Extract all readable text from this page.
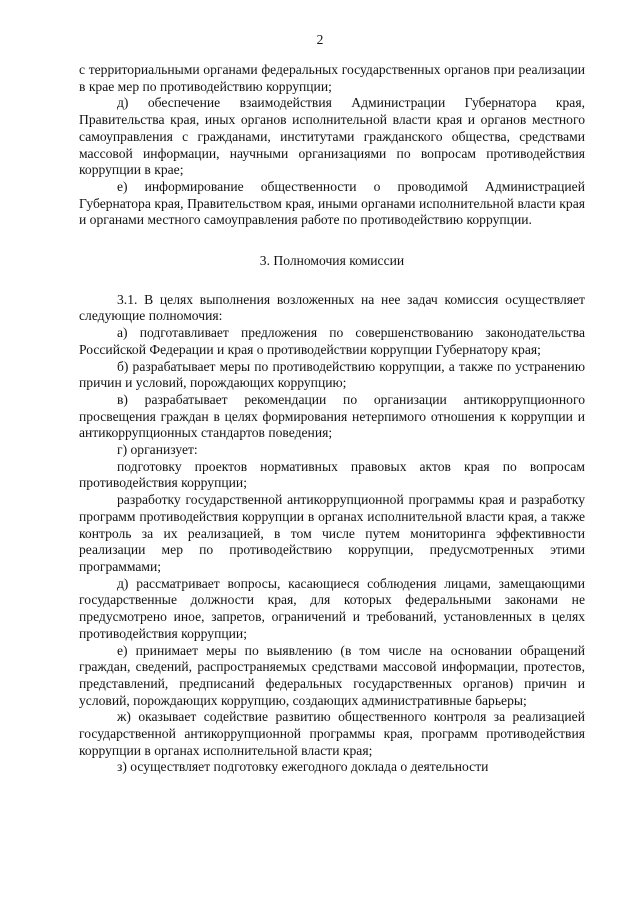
2

с территориальными органами федеральных государственных органов при реализации в крае мер по противодействию коррупции;

д) обеспечение взаимодействия Администрации Губернатора края, Правительства края, иных органов исполнительной власти края и органов местного самоуправления с гражданами, институтами гражданского общества, средствами массовой информации, научными организациями по вопросам противодействия коррупции в крае;

е) информирование общественности о проводимой Администрацией Губернатора края, Правительством края, иными органами исполнительной власти края и органами местного самоуправления работе по противодействию коррупции.

3. Полномочия комиссии

3.1. В целях выполнения возложенных на нее задач комиссия осуществляет следующие полномочия:

а) подготавливает предложения по совершенствованию законодательства Российской Федерации и края о противодействии коррупции Губернатору края;

б) разрабатывает меры по противодействию коррупции, а также по устранению причин и условий, порождающих коррупцию;

в) разрабатывает рекомендации по организации антикоррупционного просвещения граждан в целях формирования нетерпимого отношения к коррупции и антикоррупционных стандартов поведения;

г) организует:

подготовку проектов нормативных правовых актов края по вопросам противодействия коррупции;

разработку государственной антикоррупционной программы края и разработку программ противодействия коррупции в органах исполнительной власти края, а также контроль за их реализацией, в том числе путем мониторинга эффективности реализации мер по противодействию коррупции, предусмотренных этими программами;

д) рассматривает вопросы, касающиеся соблюдения лицами, замещающими государственные должности края, для которых федеральными законами не предусмотрено иное, запретов, ограничений и требований, установленных в целях противодействия коррупции;

е) принимает меры по выявлению (в том числе на основании обращений граждан, сведений, распространяемых средствами массовой информации, протестов, представлений, предписаний федеральных государственных органов) причин и условий, порождающих коррупцию, создающих административные барьеры;

ж) оказывает содействие развитию общественного контроля за реализацией государственной антикоррупционной программы края, программ противодействия коррупции в органах исполнительной власти края;

з) осуществляет подготовку ежегодного доклада о деятельности
